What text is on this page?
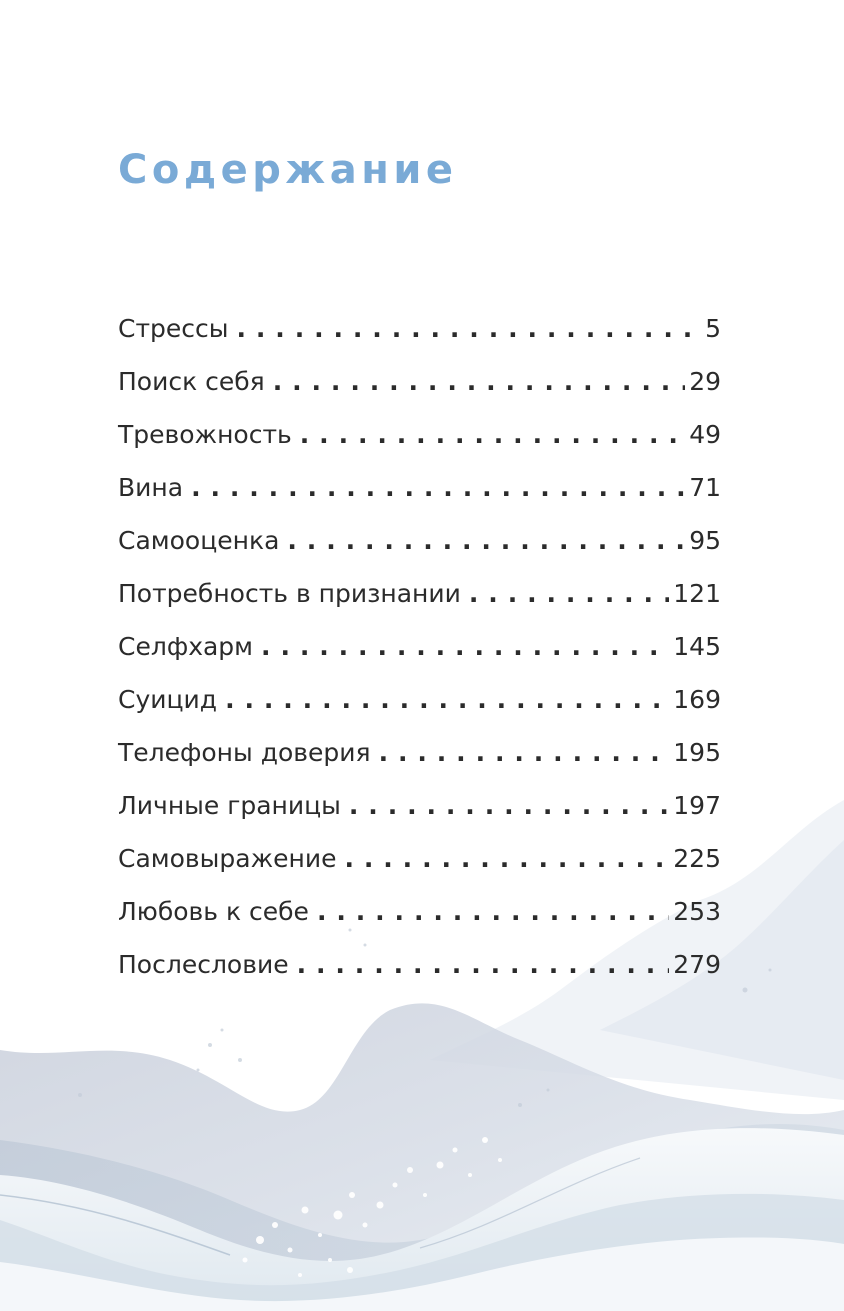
Содержание
Стрессы . . .	5
Поиск себя . . .	29
Тревожность . . .	49
Вина . . .	71
Самооценка . . .	95
Потребность в признании . . .	121
Селфхарм . . .	145
Суицид . . .	169
Телефоны доверия . . .	195
Личные границы . . .	197
Самовыражение . . .	225
Любовь к себе . . .	253
Послесловие . . .	279
